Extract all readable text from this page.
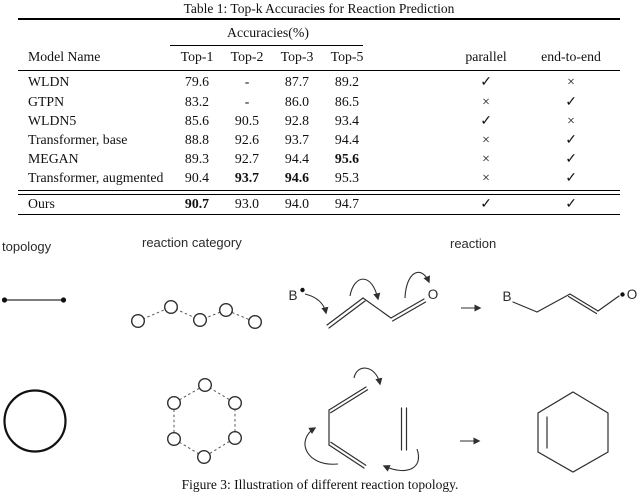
Table 1: Top-k Accuracies for Reaction Prediction
Accuracies(%)
Model Name	Top-1	Top-2	Top-3	Top-5	parallel	end-to-end
WLDN	79.6	-	87.7	89.2	✓	×
GTPN	83.2	-	86.0	86.5	×	✓
WLDN5	85.6	90.5	92.8	93.4	✓	×
Transformer, base	88.8	92.6	93.7	94.4	×	✓
MEGAN	89.3	92.7	94.4	95.6	×	✓
Transformer, augmented	90.4	93.7	94.6	95.3	×	✓
Ours	90.7	93.0	94.0	94.7	✓	✓
topology	reaction category	reaction
B	O	B	O
Figure 3: Illustration of different reaction topology.
